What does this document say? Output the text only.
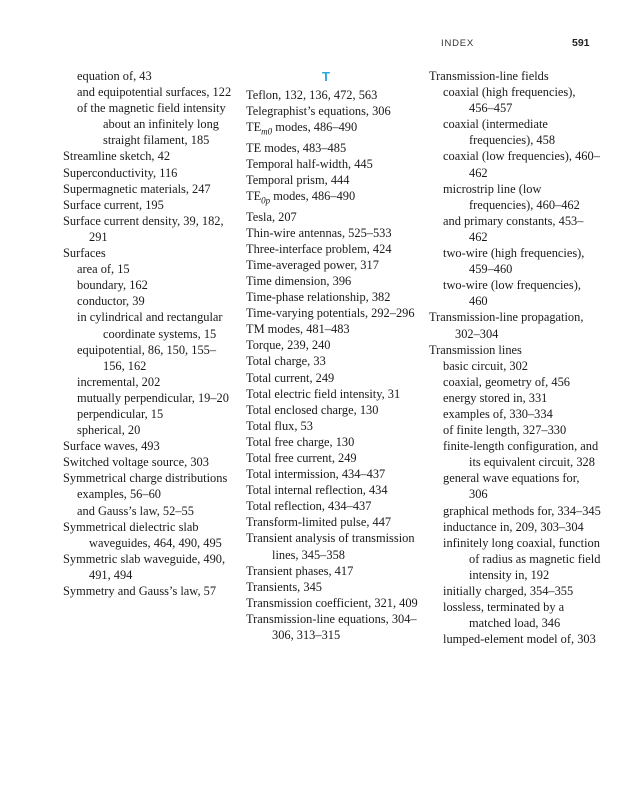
INDEX	591
equation of, 43
and equipotential surfaces, 122
of the magnetic field intensity about an infinitely long straight filament, 185
Streamline sketch, 42
Superconductivity, 116
Supermagnetic materials, 247
Surface current, 195
Surface current density, 39, 182, 291
Surfaces
area of, 15
boundary, 162
conductor, 39
in cylindrical and rectangular coordinate systems, 15
equipotential, 86, 150, 155–156, 162
incremental, 202
mutually perpendicular, 19–20
perpendicular, 15
spherical, 20
Surface waves, 493
Switched voltage source, 303
Symmetrical charge distributions
examples, 56–60
and Gauss’s law, 52–55
Symmetrical dielectric slab waveguides, 464, 490, 495
Symmetric slab waveguide, 490, 491, 494
Symmetry and Gauss’s law, 57
T
Teflon, 132, 136, 472, 563
Telegraphist’s equations, 306
$TE_{m0}$ modes, 486–490
TE modes, 483–485
Temporal half-width, 445
Temporal prism, 444
$TE_{0p}$ modes, 486–490
Tesla, 207
Thin-wire antennas, 525–533
Three-interface problem, 424
Time-averaged power, 317
Time dimension, 396
Time-phase relationship, 382
Time-varying potentials, 292–296
TM modes, 481–483
Torque, 239, 240
Total charge, 33
Total current, 249
Total electric field intensity, 31
Total enclosed charge, 130
Total flux, 53
Total free charge, 130
Total free current, 249
Total intermission, 434–437
Total internal reflection, 434
Total reflection, 434–437
Transform-limited pulse, 447
Transient analysis of transmission lines, 345–358
Transient phases, 417
Transients, 345
Transmission coefficient, 321, 409
Transmission-line equations, 304–306, 313–315
Transmission-line fields
coaxial (high frequencies), 456–457
coaxial (intermediate frequencies), 458
coaxial (low frequencies), 460–462
microstrip line (low frequencies), 460–462
and primary constants, 453–462
two-wire (high frequencies), 459–460
two-wire (low frequencies), 460
Transmission-line propagation, 302–304
Transmission lines
basic circuit, 302
coaxial, geometry of, 456
energy stored in, 331
examples of, 330–334
of finite length, 327–330
finite-length configuration, and its equivalent circuit, 328
general wave equations for, 306
graphical methods for, 334–345
inductance in, 209, 303–304
infinitely long coaxial, function of radius as magnetic field intensity in, 192
initially charged, 354–355
lossless, terminated by a matched load, 346
lumped-element model of, 303
